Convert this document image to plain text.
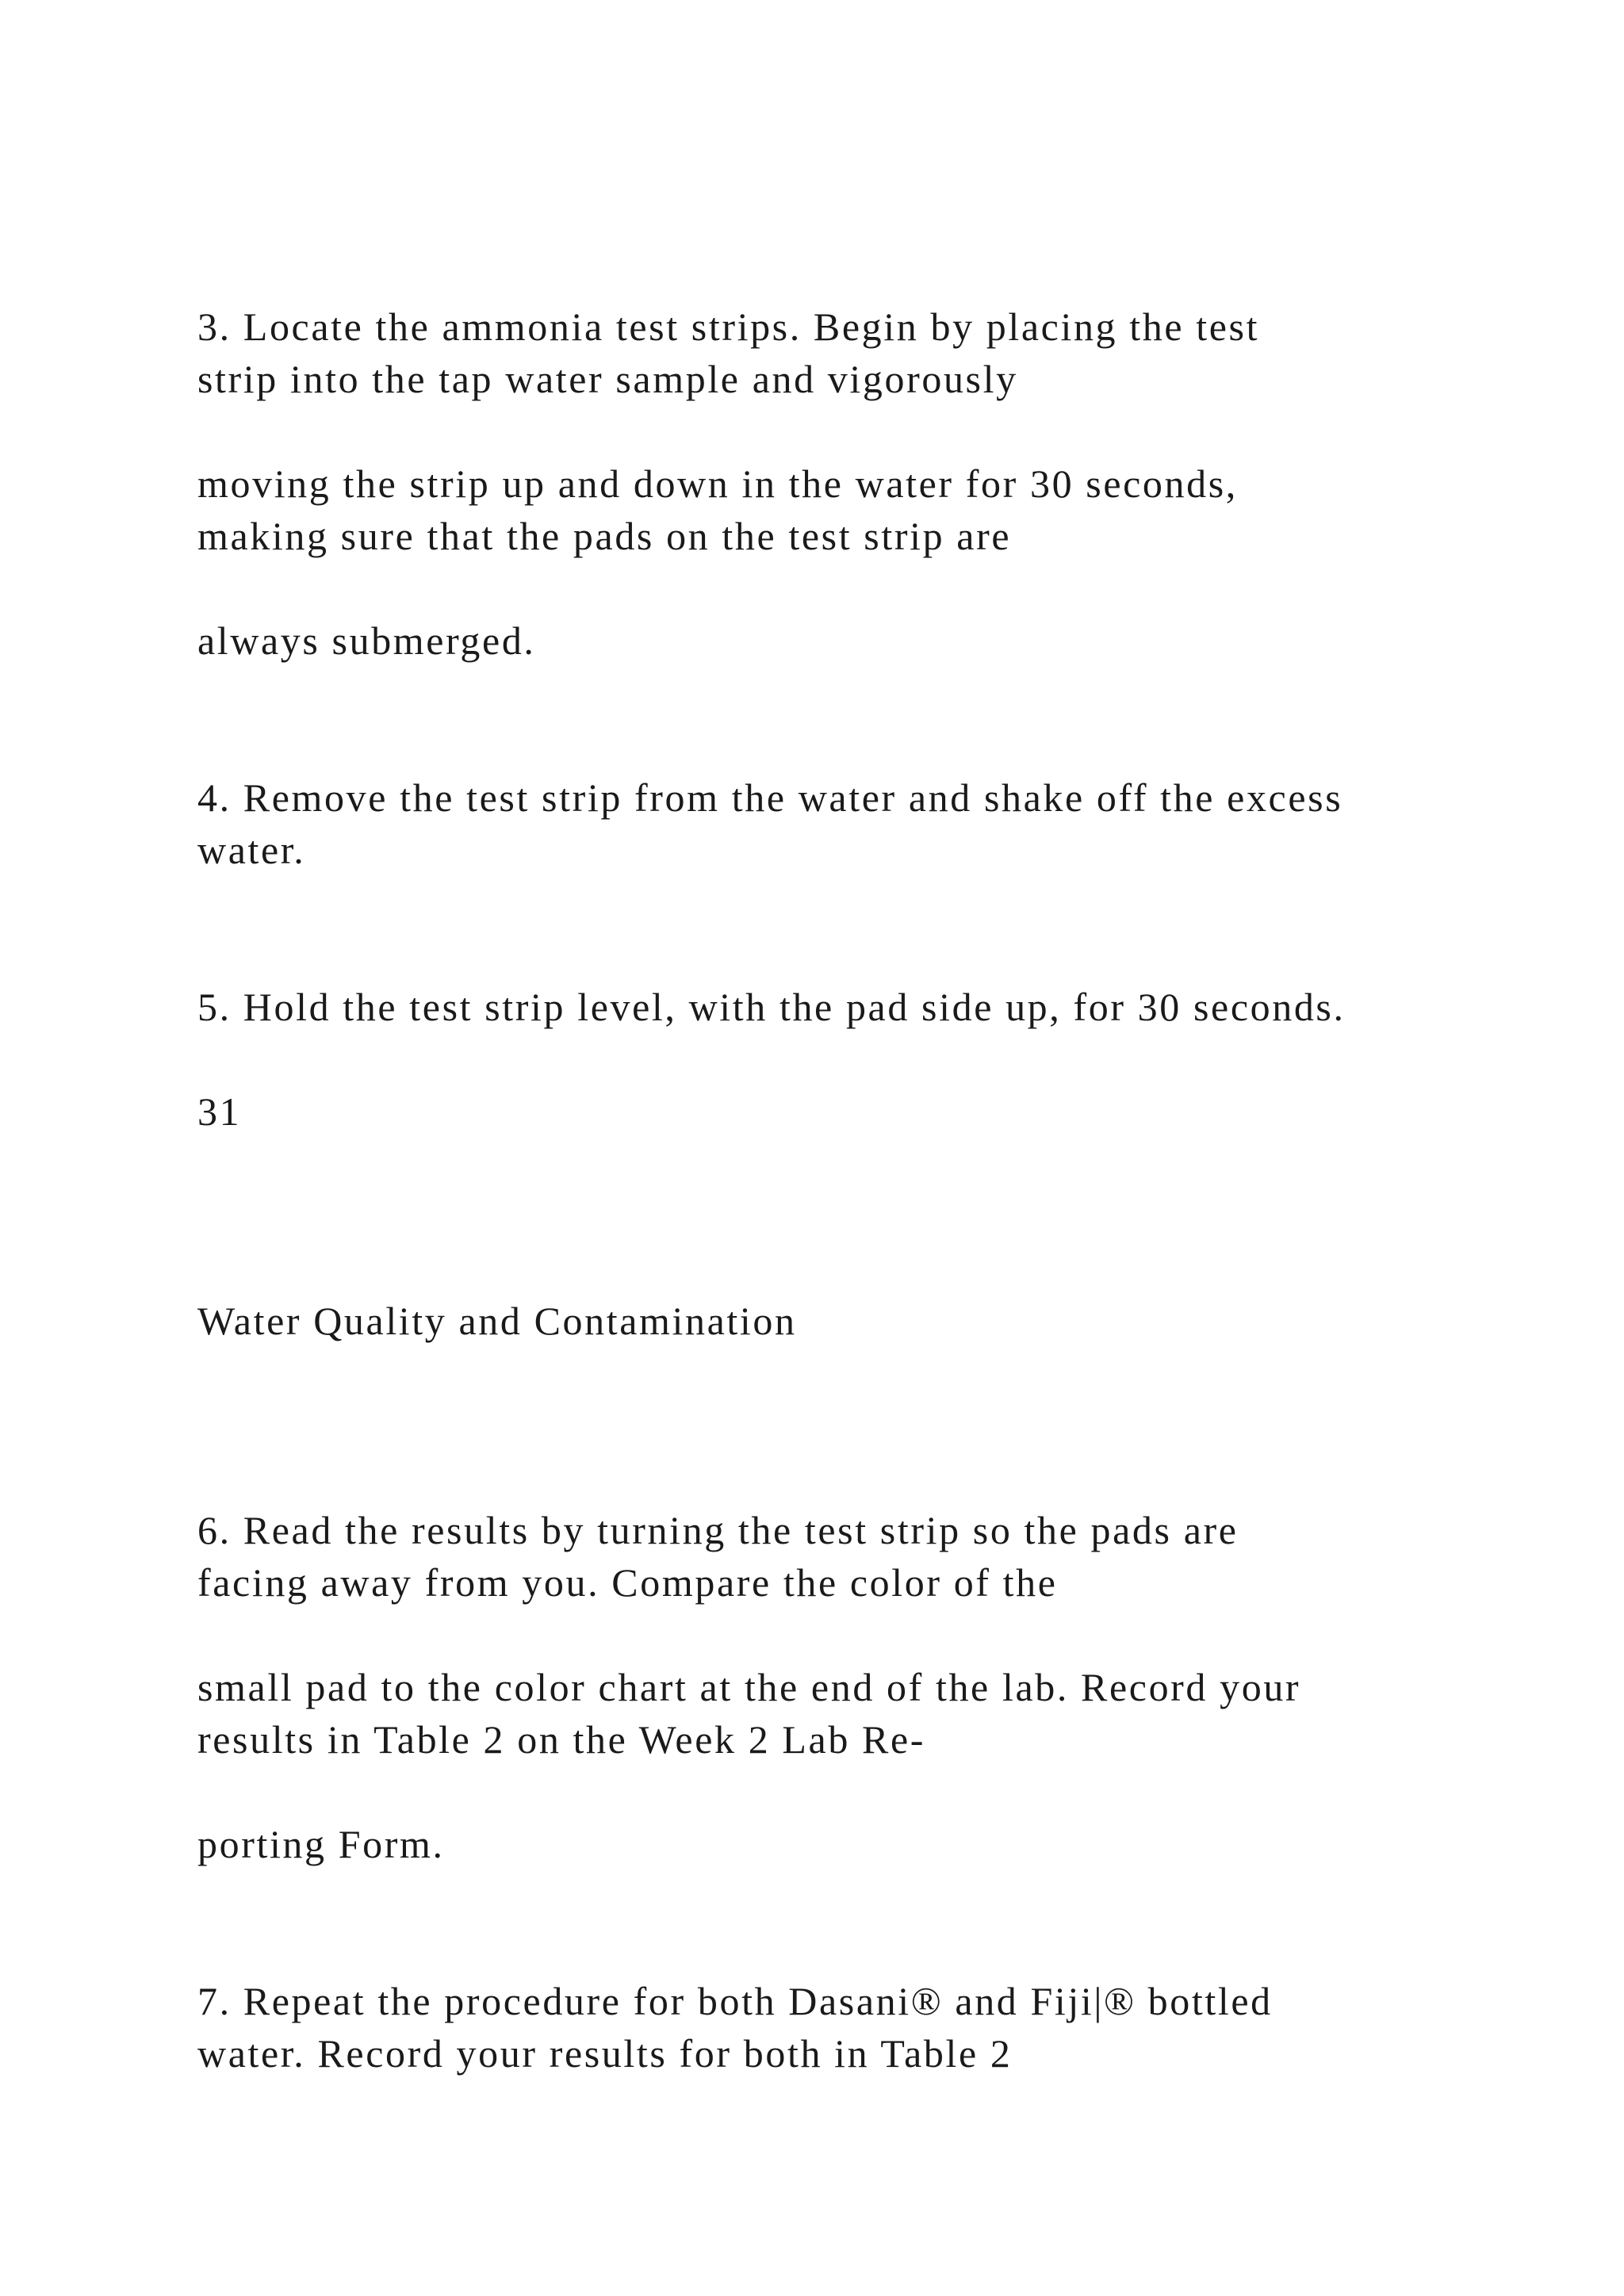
3. Locate the ammonia test strips. Begin by placing the test

strip into the tap water sample and vigorously

moving the strip up and down in the water for 30 seconds,

making sure that the pads on the test strip are

always submerged.

4. Remove the test strip from the water and shake off the excess

water.

5. Hold the test strip level, with the pad side up, for 30 seconds.

31

Water Quality and Contamination

6. Read the results by turning the test strip so the pads are

facing away from you. Compare the color of the

small pad to the color chart at the end of the lab. Record your

results in Table 2 on the Week 2 Lab Re-

porting Form.

7. Repeat the procedure for both Dasani® and Fiji|® bottled

water. Record your results for both in Table 2
